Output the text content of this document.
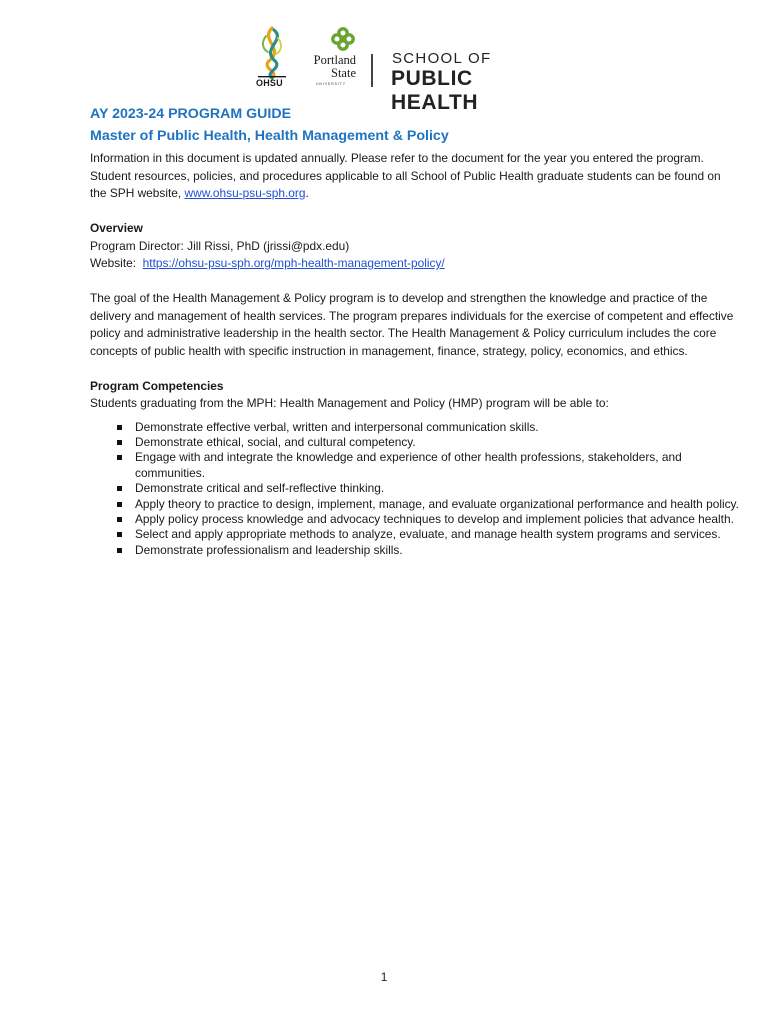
OHSU
Portland
State
UNIVERSITY
SCHOOL OF
PUBLIC HEALTH
AY 2023-24 PROGRAM GUIDE
Master of Public Health, Health Management & Policy

Information in this document is updated annually. Please refer to the document for the year you entered the program. Student resources, policies, and procedures applicable to all School of Public Health graduate students can be found on the SPH website, www.ohsu-psu-sph.org.

Overview
Program Director: Jill Rissi, PhD (jrissi@pdx.edu)
Website:  https://ohsu-psu-sph.org/mph-health-management-policy/

The goal of the Health Management & Policy program is to develop and strengthen the knowledge and practice of the delivery and management of health services. The program prepares individuals for the exercise of competent and effective policy and administrative leadership in the health sector. The Health Management & Policy curriculum includes the core concepts of public health with specific instruction in management, finance, strategy, policy, economics, and ethics.

Program Competencies
Students graduating from the MPH: Health Management and Policy (HMP) program will be able to:
Demonstrate effective verbal, written and interpersonal communication skills.
Demonstrate ethical, social, and cultural competency.
Engage with and integrate the knowledge and experience of other health professions, stakeholders, and communities.
Demonstrate critical and self-reflective thinking.
Apply theory to practice to design, implement, manage, and evaluate organizational performance and health policy.
Apply policy process knowledge and advocacy techniques to develop and implement policies that advance health.
Select and apply appropriate methods to analyze, evaluate, and manage health system programs and services.
Demonstrate professionalism and leadership skills.
1
